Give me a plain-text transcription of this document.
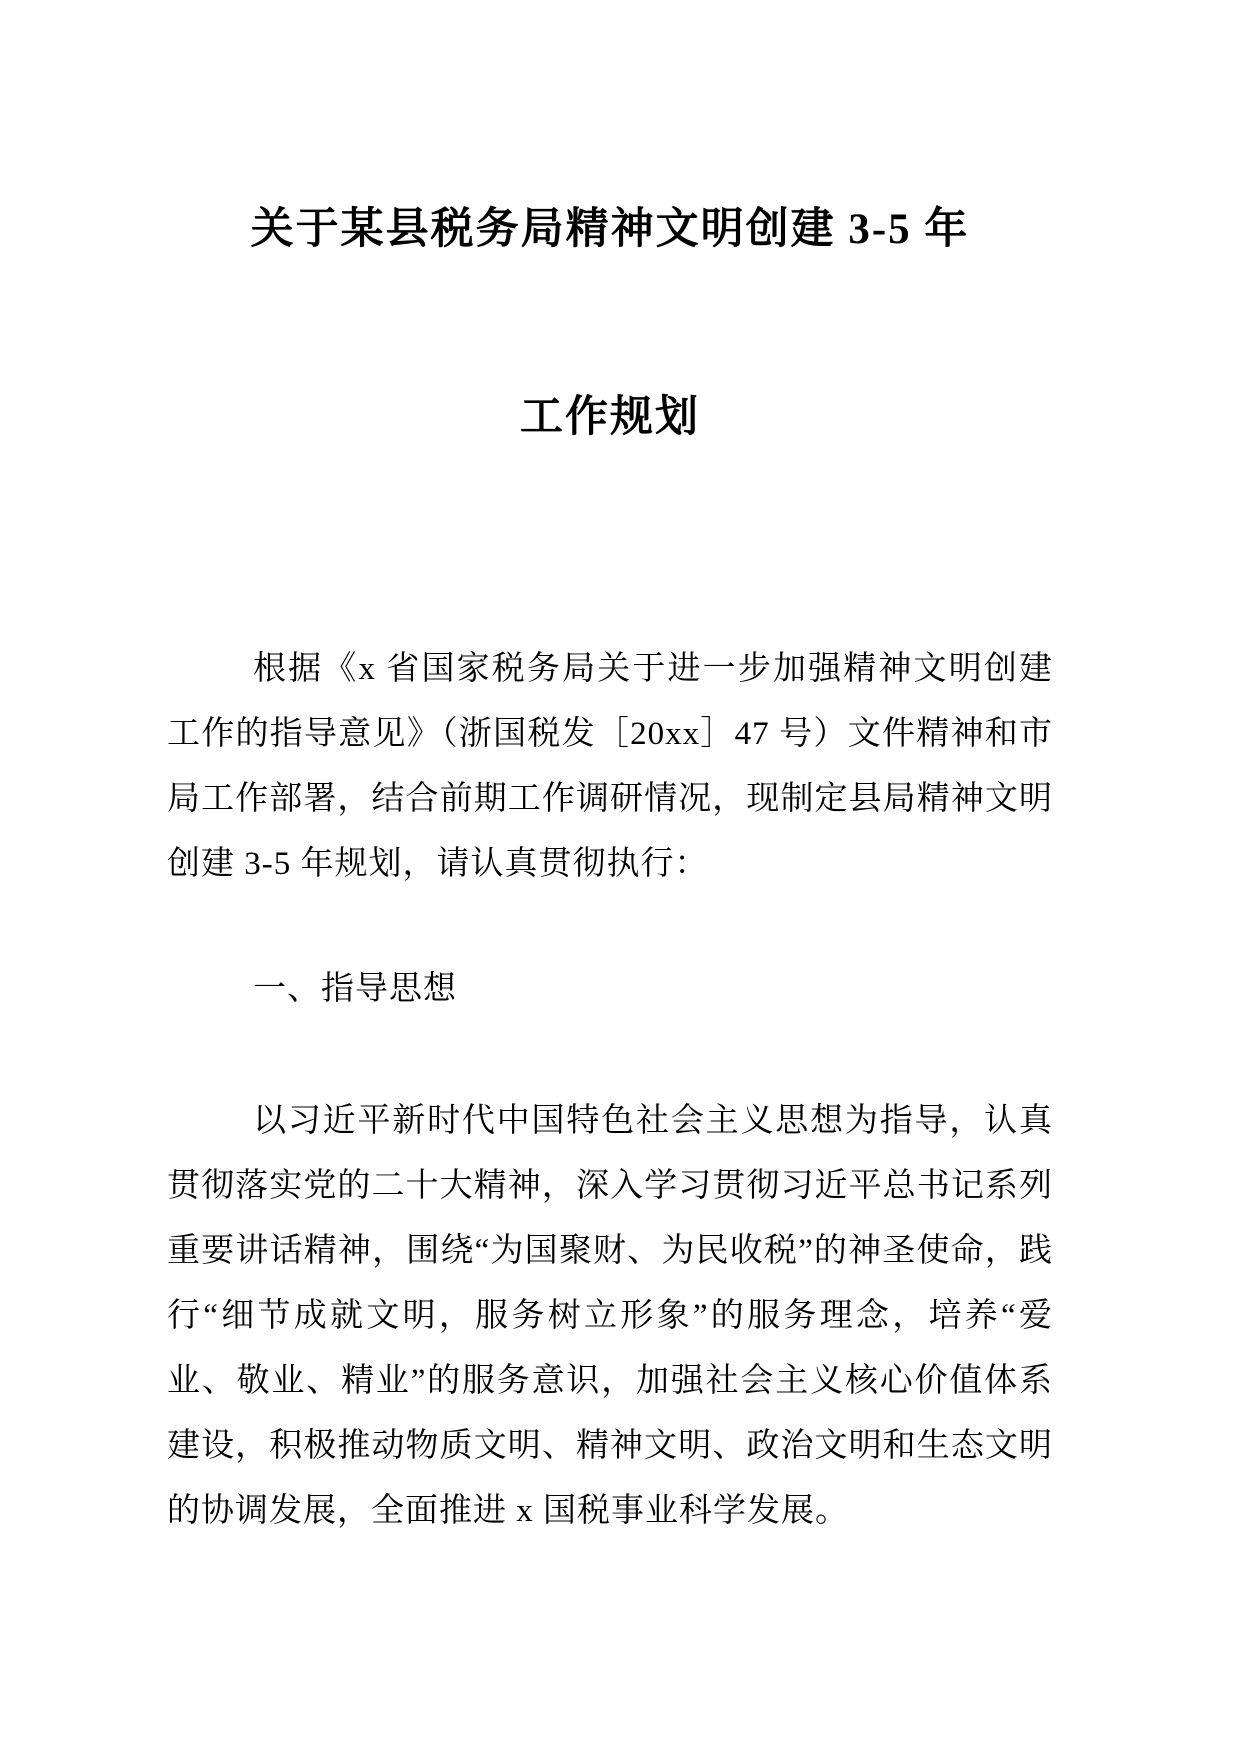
关于某县税务局精神文明创建 3-5 年
工作规划

根据《x 省国家税务局关于进一步加强精神文明创建工作的指导意见》（浙国税发［20xx］47 号）文件精神和市局工作部署，结合前期工作调研情况，现制定县局精神文明创建 3-5 年规划，请认真贯彻执行：

一、指导思想

以习近平新时代中国特色社会主义思想为指导，认真贯彻落实党的二十大精神，深入学习贯彻习近平总书记系列重要讲话精神，围绕“为国聚财、为民收税”的神圣使命，践行“细节成就文明，服务树立形象”的服务理念，培养“爱业、敬业、精业”的服务意识，加强社会主义核心价值体系建设，积极推动物质文明、精神文明、政治文明和生态文明的协调发展，全面推进 x 国税事业科学发展。
